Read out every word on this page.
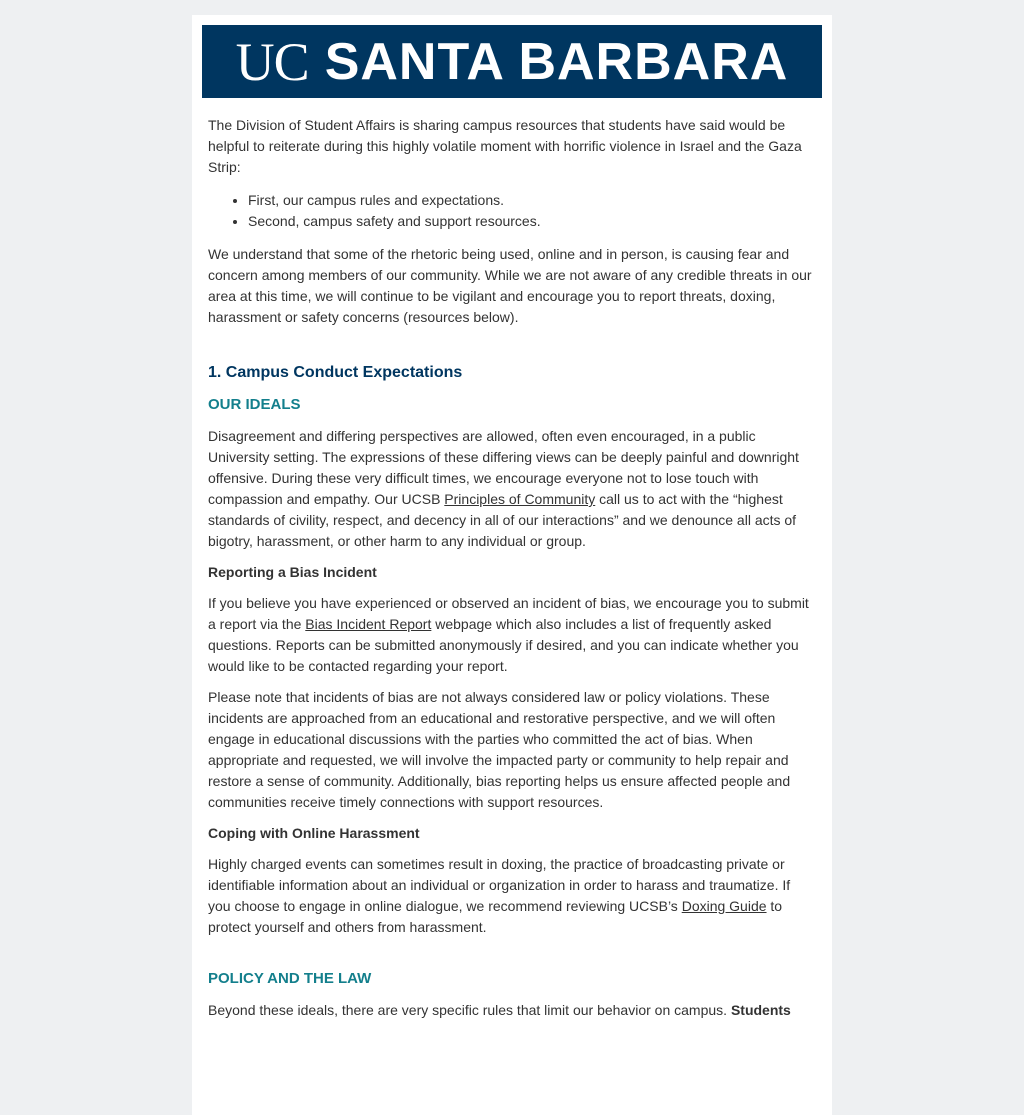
UC SANTA BARBARA

The Division of Student Affairs is sharing campus resources that students have said would be helpful to reiterate during this highly volatile moment with horrific violence in Israel and the Gaza Strip:

• First, our campus rules and expectations.
• Second, campus safety and support resources.

We understand that some of the rhetoric being used, online and in person, is causing fear and concern among members of our community. While we are not aware of any credible threats in our area at this time, we will continue to be vigilant and encourage you to report threats, doxing, harassment or safety concerns (resources below).

1. Campus Conduct Expectations
OUR IDEALS

Disagreement and differing perspectives are allowed, often even encouraged, in a public University setting. The expressions of these differing views can be deeply painful and downright offensive. During these very difficult times, we encourage everyone not to lose touch with compassion and empathy. Our UCSB Principles of Community call us to act with the “highest standards of civility, respect, and decency in all of our interactions” and we denounce all acts of bigotry, harassment, or other harm to any individual or group.

Reporting a Bias Incident

If you believe you have experienced or observed an incident of bias, we encourage you to submit a report via the Bias Incident Report webpage which also includes a list of frequently asked questions. Reports can be submitted anonymously if desired, and you can indicate whether you would like to be contacted regarding your report.

Please note that incidents of bias are not always considered law or policy violations. These incidents are approached from an educational and restorative perspective, and we will often engage in educational discussions with the parties who committed the act of bias. When appropriate and requested, we will involve the impacted party or community to help repair and restore a sense of community. Additionally, bias reporting helps us ensure affected people and communities receive timely connections with support resources.

Coping with Online Harassment

Highly charged events can sometimes result in doxing, the practice of broadcasting private or identifiable information about an individual or organization in order to harass and traumatize. If you choose to engage in online dialogue, we recommend reviewing UCSB’s Doxing Guide to protect yourself and others from harassment.

POLICY AND THE LAW

Beyond these ideals, there are very specific rules that limit our behavior on campus. Students
